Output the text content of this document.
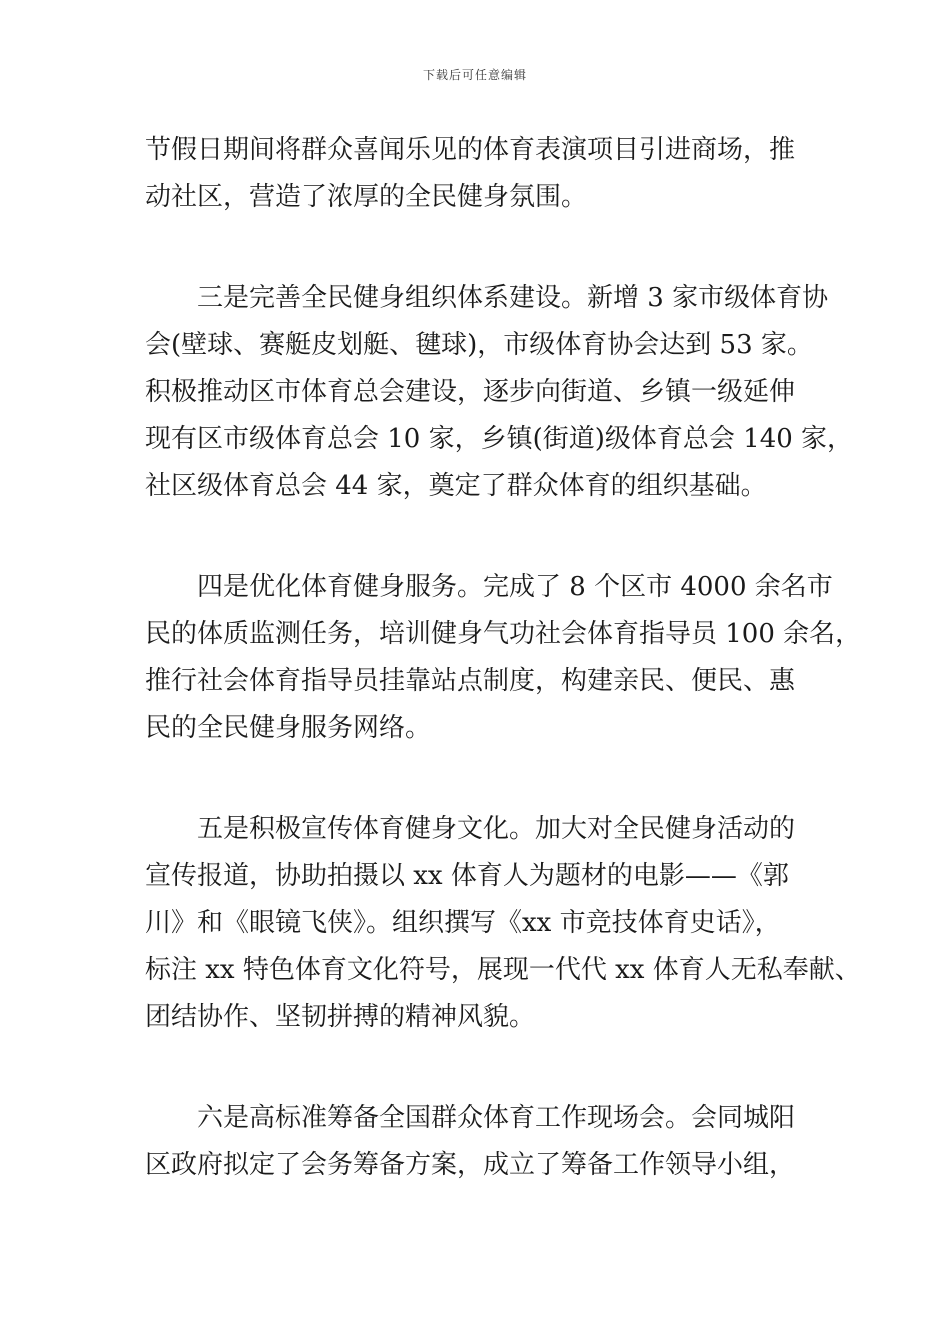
下载后可任意编辑
节假日期间将群众喜闻乐见的体育表演项目引进商场，推
动社区，营造了浓厚的全民健身氛围。
三是完善全民健身组织体系建设。新增 3 家市级体育协
会(壁球、赛艇皮划艇、毽球)，市级体育协会达到 53 家。
积极推动区市体育总会建设，逐步向街道、乡镇一级延伸
现有区市级体育总会 10 家，乡镇(街道)级体育总会 140 家，
社区级体育总会 44 家，奠定了群众体育的组织基础。
四是优化体育健身服务。完成了 8 个区市 4000 余名市
民的体质监测任务，培训健身气功社会体育指导员 100 余名，
推行社会体育指导员挂靠站点制度，构建亲民、便民、惠
民的全民健身服务网络。
五是积极宣传体育健身文化。加大对全民健身活动的
宣传报道，协助拍摄以 xx 体育人为题材的电影——《郭
川》和《眼镜飞侠》。组织撰写《xx 市竞技体育史话》，
标注 xx 特色体育文化符号，展现一代代 xx 体育人无私奉献、
团结协作、坚韧拼搏的精神风貌。
六是高标准筹备全国群众体育工作现场会。会同城阳
区政府拟定了会务筹备方案，成立了筹备工作领导小组，
